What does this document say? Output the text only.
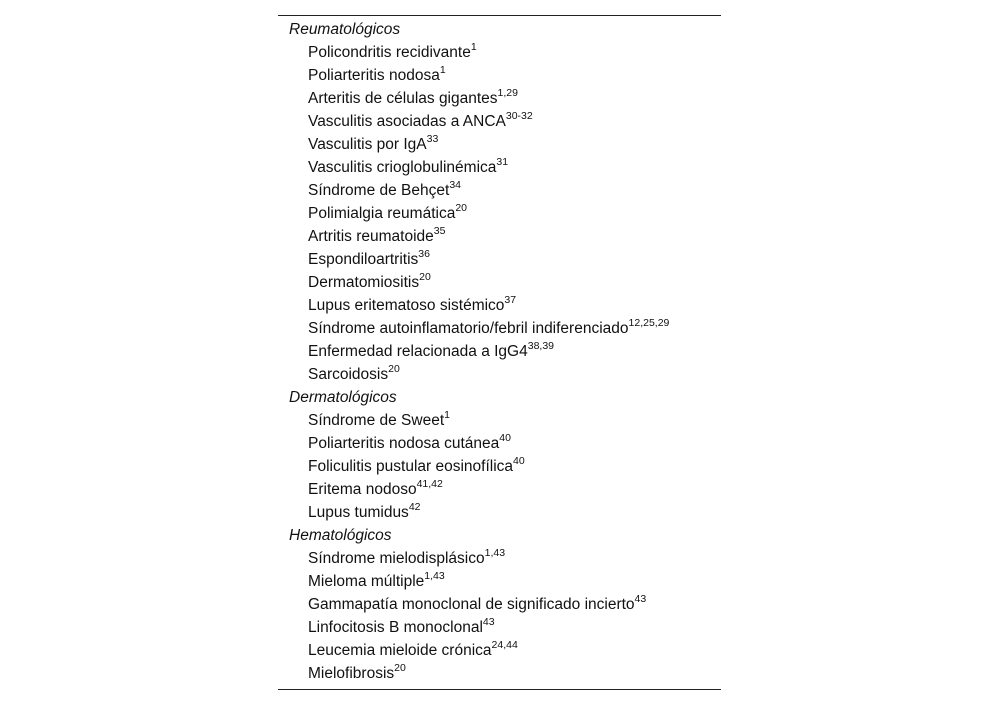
Reumatológicos
Policondritis recidivante$^1$
Poliarteritis nodosa$^1$
Arteritis de células gigantes$^{1,29}$
Vasculitis asociadas a ANCA$^{30-32}$
Vasculitis por IgA$^{33}$
Vasculitis crioglobulinémica$^{31}$
Síndrome de Behçet$^{34}$
Polimialgia reumática$^{20}$
Artritis reumatoide$^{35}$
Espondiloartritis$^{36}$
Dermatomiositis$^{20}$
Lupus eritematoso sistémico$^{37}$
Síndrome autoinflamatorio/febril indiferenciado$^{12,25,29}$
Enfermedad relacionada a IgG4$^{38,39}$
Sarcoidosis$^{20}$
Dermatológicos
Síndrome de Sweet$^1$
Poliarteritis nodosa cutánea$^{40}$
Foliculitis pustular eosinofílica$^{40}$
Eritema nodoso$^{41,42}$
Lupus tumidus$^{42}$
Hematológicos
Síndrome mielodisplásico$^{1,43}$
Mieloma múltiple$^{1,43}$
Gammapatía monoclonal de significado incierto$^{43}$
Linfocitosis B monoclonal$^{43}$
Leucemia mieloide crónica$^{24,44}$
Mielofibrosis$^{20}$
